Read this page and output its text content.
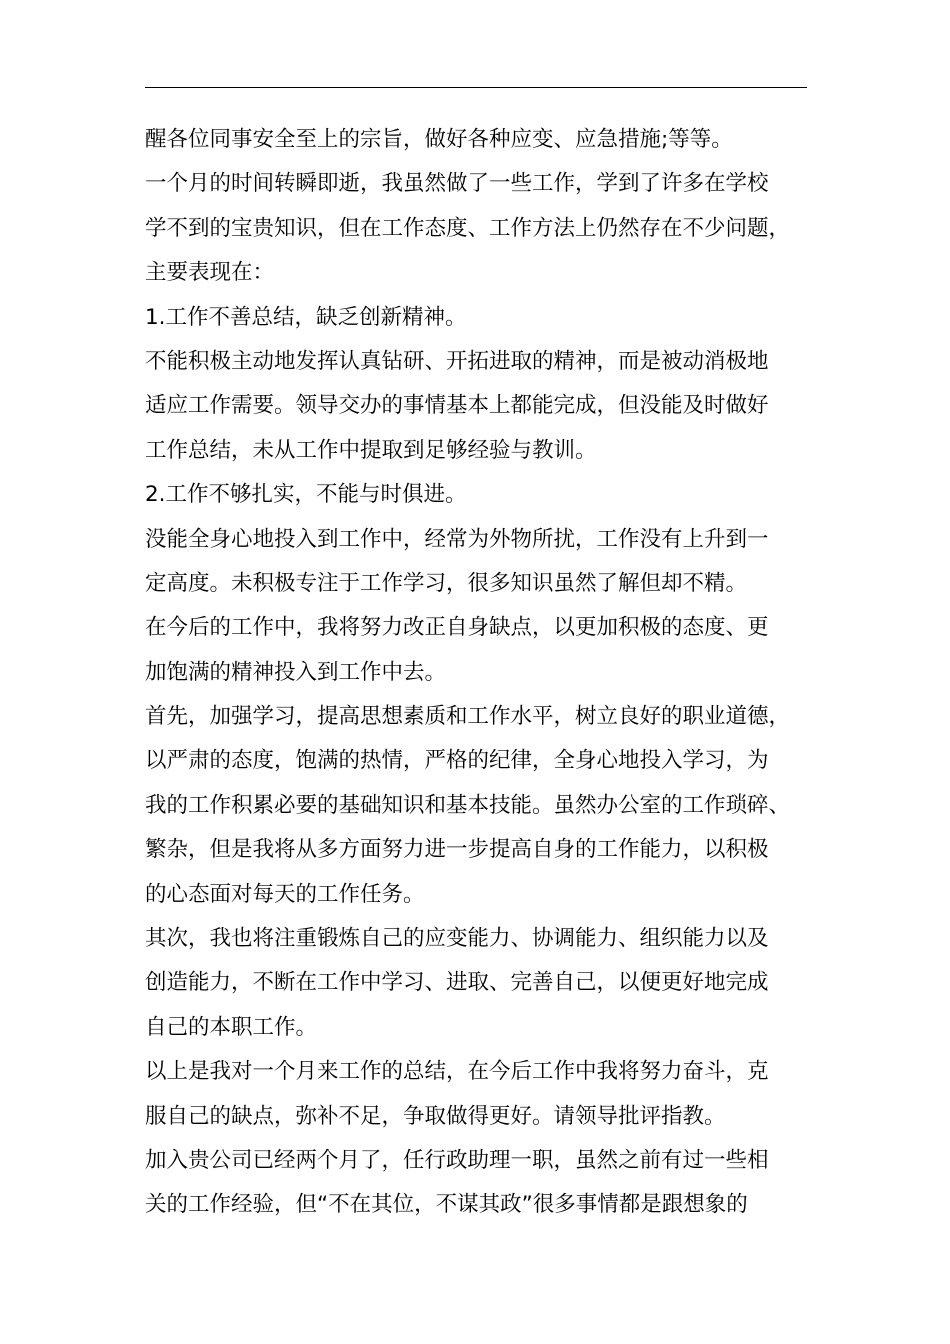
醒各位同事安全至上的宗旨，做好各种应变、应急措施;等等。
一个月的时间转瞬即逝，我虽然做了一些工作，学到了许多在学校
学不到的宝贵知识，但在工作态度、工作方法上仍然存在不少问题，
主要表现在：
1.工作不善总结，缺乏创新精神。
不能积极主动地发挥认真钻研、开拓进取的精神，而是被动消极地
适应工作需要。领导交办的事情基本上都能完成，但没能及时做好
工作总结，未从工作中提取到足够经验与教训。
2.工作不够扎实，不能与时俱进。
没能全身心地投入到工作中，经常为外物所扰，工作没有上升到一
定高度。未积极专注于工作学习，很多知识虽然了解但却不精。
在今后的工作中，我将努力改正自身缺点，以更加积极的态度、更
加饱满的精神投入到工作中去。
首先，加强学习，提高思想素质和工作水平，树立良好的职业道德，
以严肃的态度，饱满的热情，严格的纪律，全身心地投入学习，为
我的工作积累必要的基础知识和基本技能。虽然办公室的工作琐碎、
繁杂，但是我将从多方面努力进一步提高自身的工作能力，以积极
的心态面对每天的工作任务。
其次，我也将注重锻炼自己的应变能力、协调能力、组织能力以及
创造能力，不断在工作中学习、进取、完善自己，以便更好地完成
自己的本职工作。
以上是我对一个月来工作的总结，在今后工作中我将努力奋斗，克
服自己的缺点，弥补不足，争取做得更好。请领导批评指教。
加入贵公司已经两个月了，任行政助理一职，虽然之前有过一些相
关的工作经验，但“不在其位，不谋其政”很多事情都是跟想象的
